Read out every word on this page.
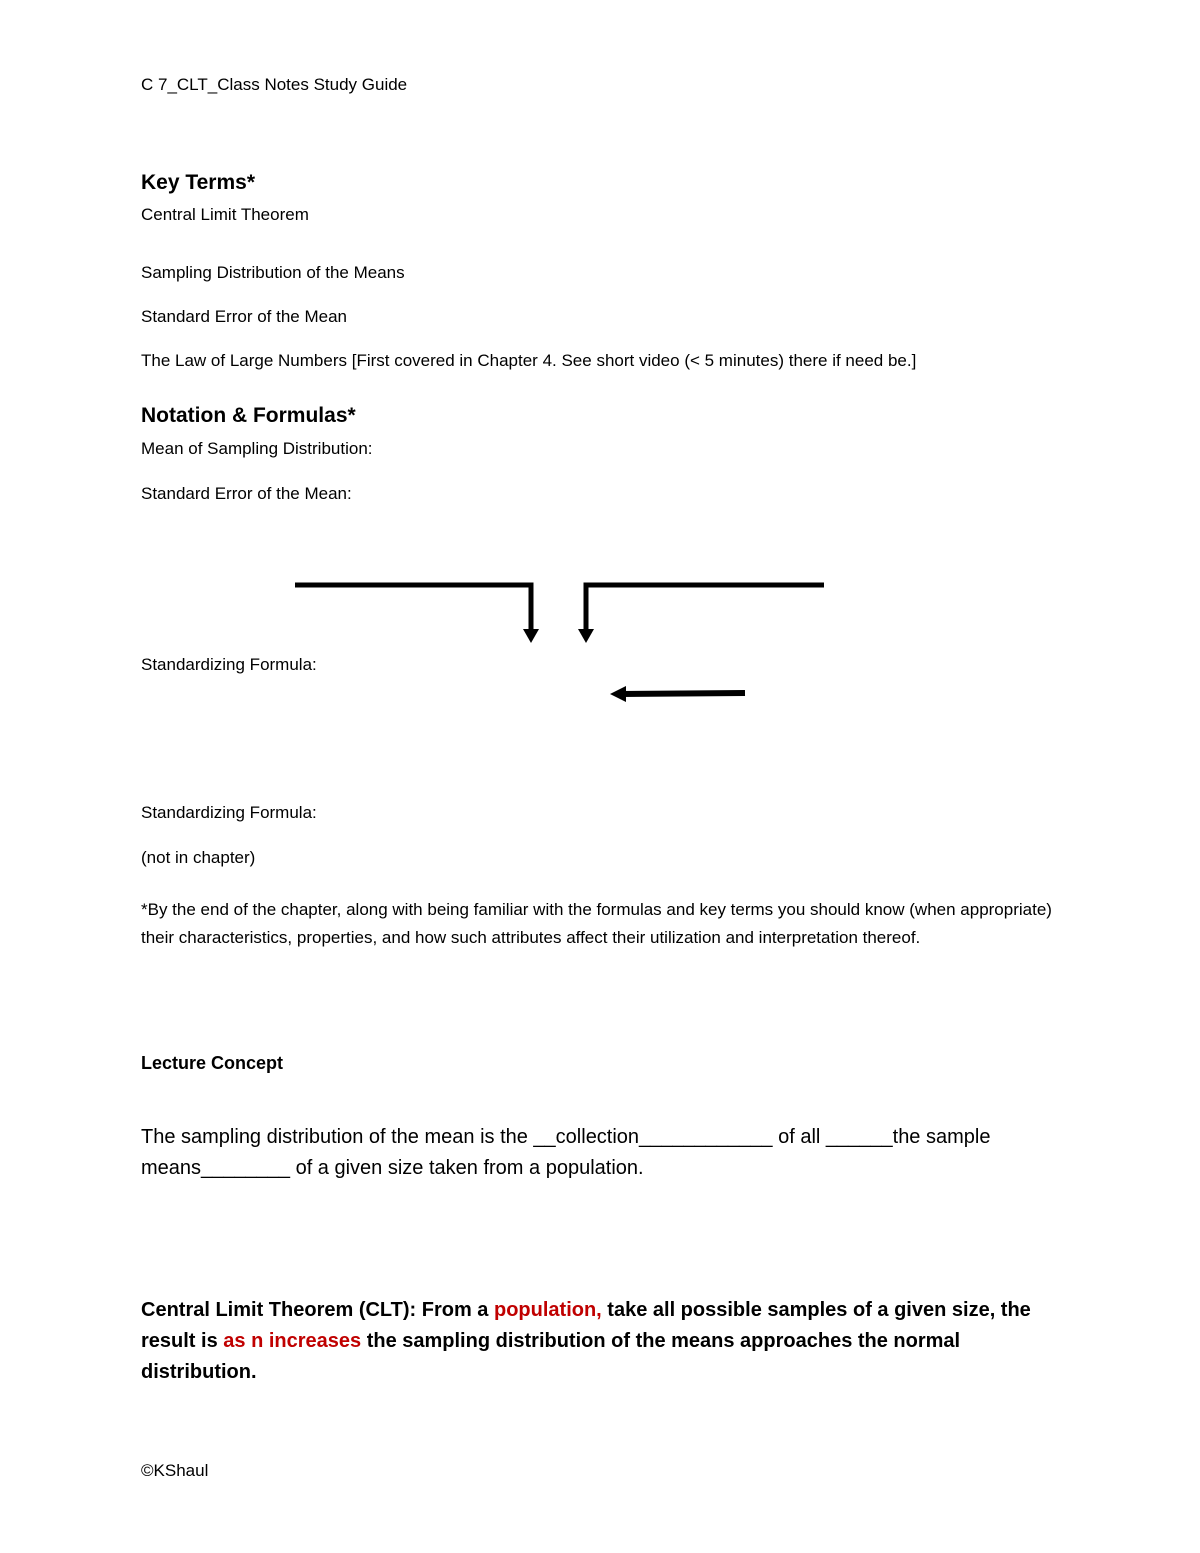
C 7_CLT_Class Notes Study Guide

Key Terms*

Central Limit Theorem

Sampling Distribution of the Means

Standard Error of the Mean

The Law of Large Numbers [First covered in Chapter 4. See short video (< 5 minutes) there if need be.]

Notation & Formulas*

Mean of Sampling Distribution:

Standard Error of the Mean:

Standardizing Formula:

Standardizing Formula:

(not in chapter)

*By the end of the chapter, along with being familiar with the formulas and key terms you should know (when appropriate) their characteristics, properties, and how such attributes affect their utilization and interpretation thereof.

Lecture Concept

The sampling distribution of the mean is the __collection____________ of all ______the sample

means________ of a given size taken from a population.

Central Limit Theorem (CLT): From a population, take all possible samples of a given size, the result is as n increases the sampling distribution of the means approaches the normal distribution.

©KShaul
